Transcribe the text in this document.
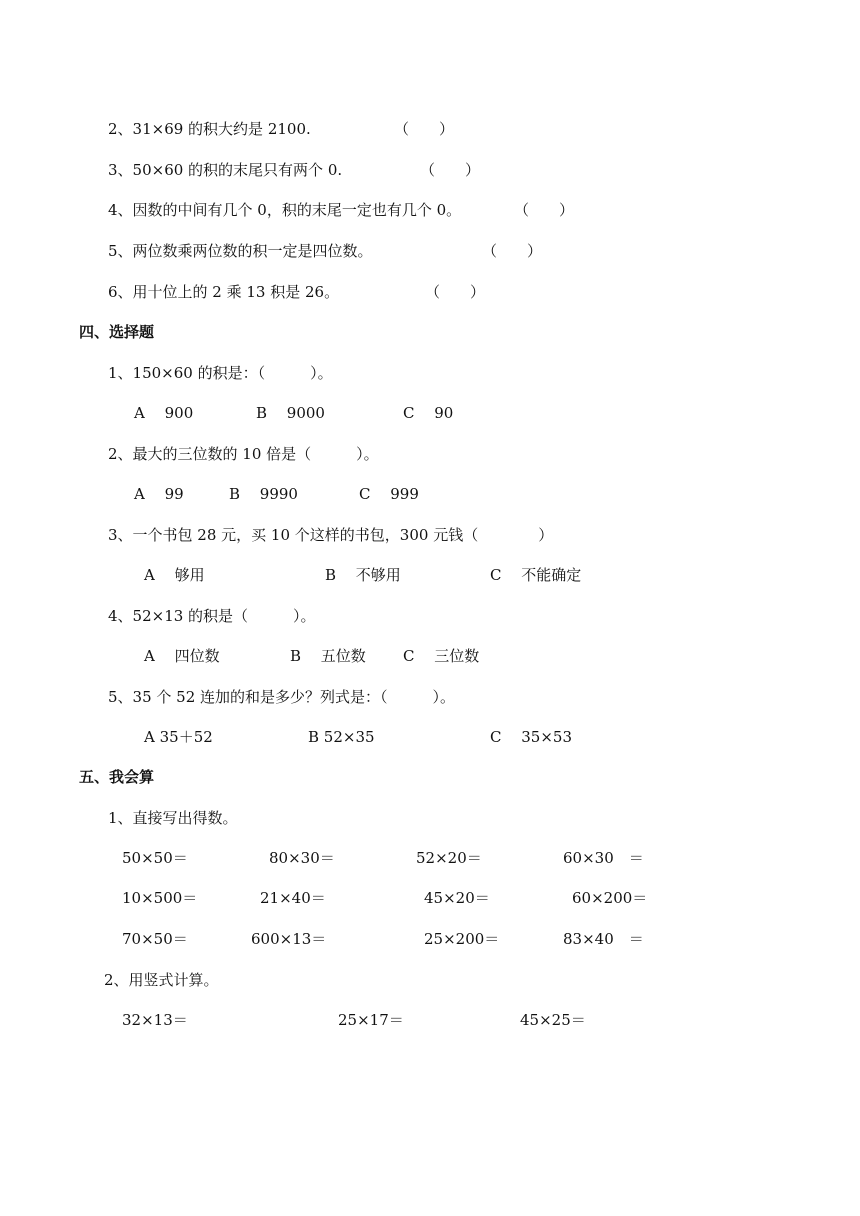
2、31×69 的积大约是 2100.	（　　）
3、50×60 的积的末尾只有两个 0.	（　　）
4、因数的中间有几个 0，积的末尾一定也有几个 0。	（　　）
5、两位数乘两位数的积一定是四位数。	（　　）
6、用十位上的 2 乘 13 积是 26。	（　　）
四、选择题
1、150×60 的积是：（　　　）。
A　 900	B　 9000	C　 90
2、最大的三位数的 10 倍是（　　　）。
A　 99	B　 9990	C　 999
3、一个书包 28 元，买 10 个这样的书包，300 元钱（　　　　）
A　 够用	B　 不够用	C　 不能确定
4、52×13 的积是（　　　）。
A　 四位数	B　 五位数 C　 三位数
5、35 个 52 连加的和是多少？列式是：（　　　）。
A 35＋52	B 52×35	C　 35×53
五、我会算
1、直接写出得数。
50×50＝	80×30＝	52×20＝	60×30　＝
10×500＝	21×40＝	45×20＝	60×200＝
70×50＝	600×13＝	25×200＝	83×40　＝
2、用竖式计算。
32×13＝	25×17＝	45×25＝
